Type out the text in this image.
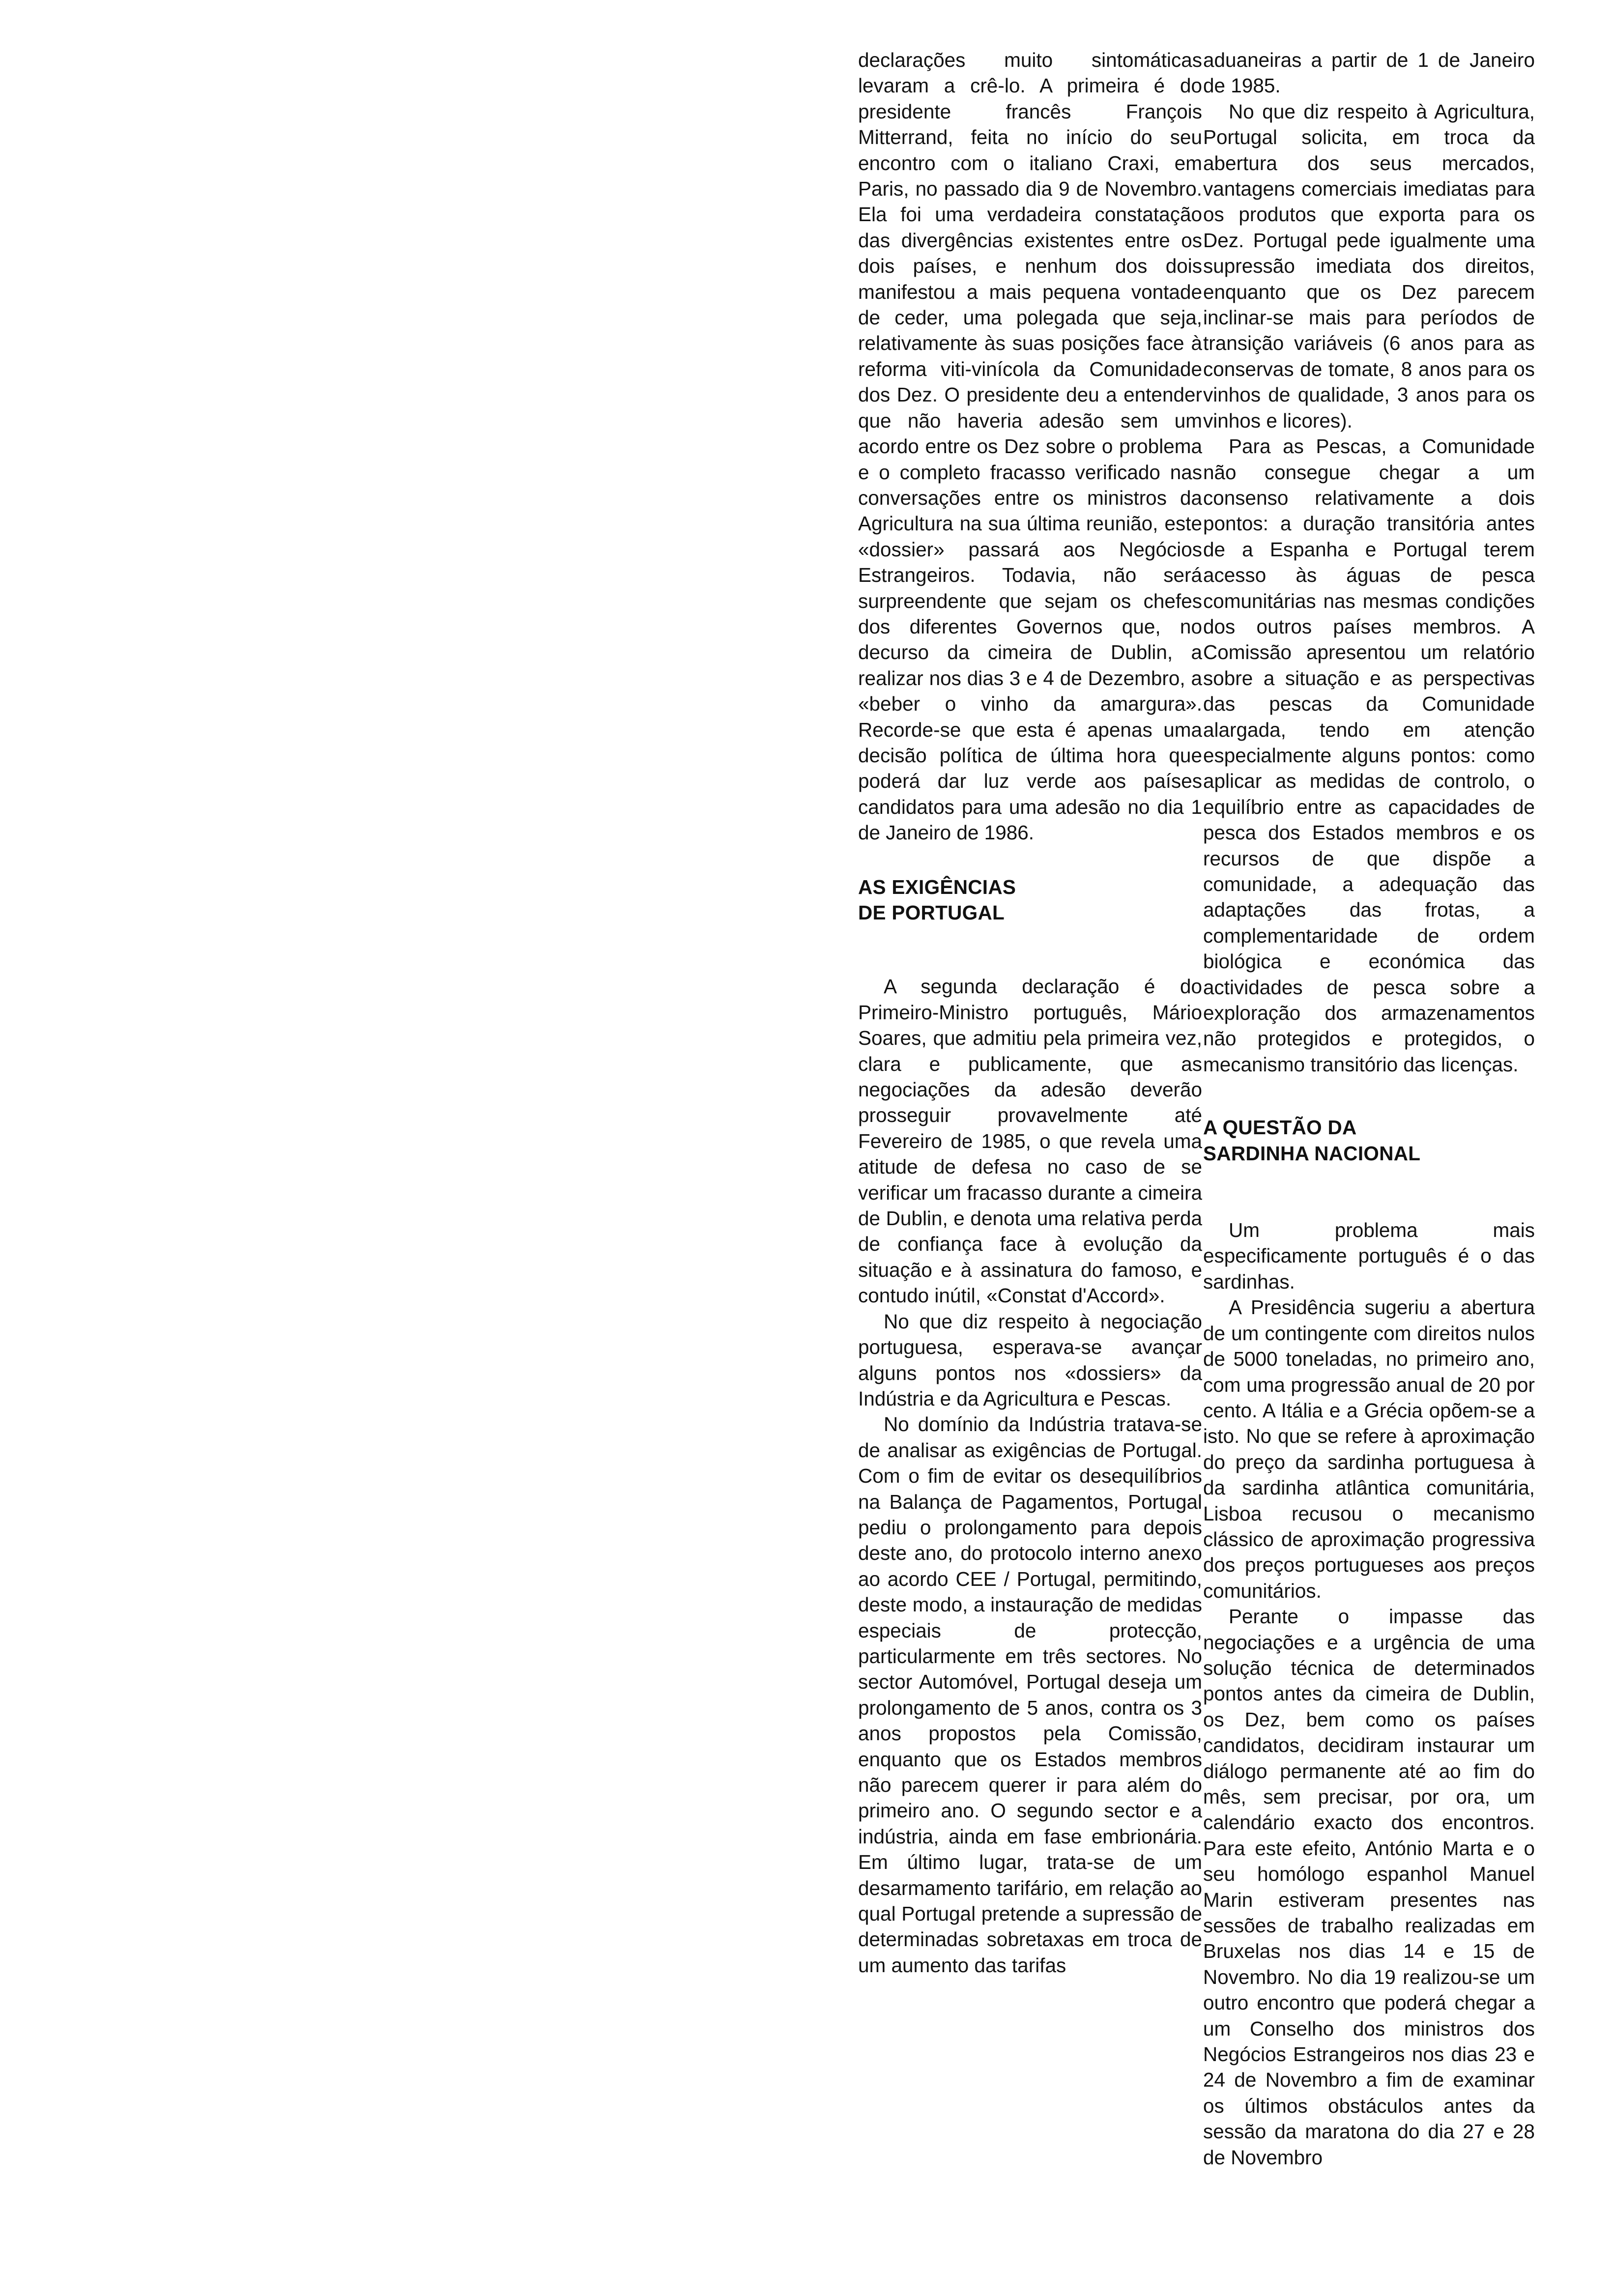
declarações muito sintomáticas levaram a crê-lo. A primeira é do presidente francês François Mitterrand, feita no início do seu encontro com o italiano Craxi, em Paris, no passado dia 9 de Novembro. Ela foi uma verdadeira constatação das divergências existentes entre os dois países, e nenhum dos dois manifestou a mais pequena vontade de ceder, uma polegada que seja, relativamente às suas posições face à reforma viti-vinícola da Comunidade dos Dez. O presidente deu a entender que não haveria adesão sem um acordo entre os Dez sobre o problema e o completo fracasso verificado nas conversações entre os ministros da Agricultura na sua última reunião, este «dossier» passará aos Negócios Estrangeiros. Todavia, não será surpreendente que sejam os chefes dos diferentes Governos que, no decurso da cimeira de Dublin, a realizar nos dias 3 e 4 de Dezembro, a «beber o vinho da amargura». Recorde-se que esta é apenas uma decisão política de última hora que poderá dar luz verde aos países candidatos para uma adesão no dia 1 de Janeiro de 1986.

AS EXIGÊNCIAS
DE PORTUGAL

A segunda declaração é do Primeiro-Ministro português, Mário Soares, que admitiu pela primeira vez, clara e publicamente, que as negociações da adesão deverão prosseguir provavelmente até Fevereiro de 1985, o que revela uma atitude de defesa no caso de se verificar um fracasso durante a cimeira de Dublin, e denota uma relativa perda de confiança face à evolução da situação e à assinatura do famoso, e contudo inútil, «Constat d'Accord».

No que diz respeito à negociação portuguesa, esperava-se avançar alguns pontos nos «dossiers» da Indústria e da Agricultura e Pescas.

No domínio da Indústria tratava-se de analisar as exigências de Portugal. Com o fim de evitar os desequilíbrios na Balança de Pagamentos, Portugal pediu o prolongamento para depois deste ano, do protocolo interno anexo ao acordo CEE / Portugal, permitindo, deste modo, a instauração de medidas especiais de protecção, particularmente em três sectores. No sector Automóvel, Portugal deseja um prolongamento de 5 anos, contra os 3 anos propostos pela Comissão, enquanto que os Estados membros não parecem querer ir para além do primeiro ano. O segundo sector e a indústria, ainda em fase embrionária. Em último lugar, trata-se de um desarmamento tarifário, em relação ao qual Portugal pretende a supressão de determinadas sobretaxas em troca de um aumento das tarifas

aduaneiras a partir de 1 de Janeiro de 1985.

No que diz respeito à Agricultura, Portugal solicita, em troca da abertura dos seus mercados, vantagens comerciais imediatas para os produtos que exporta para os Dez. Portugal pede igualmente uma supressão imediata dos direitos, enquanto que os Dez parecem inclinar-se mais para períodos de transição variáveis (6 anos para as conservas de tomate, 8 anos para os vinhos de qualidade, 3 anos para os vinhos e licores).

Para as Pescas, a Comunidade não consegue chegar a um consenso relativamente a dois pontos: a duração transitória antes de a Espanha e Portugal terem acesso às águas de pesca comunitárias nas mesmas condições dos outros países membros. A Comissão apresentou um relatório sobre a situação e as perspectivas das pescas da Comunidade alargada, tendo em atenção especialmente alguns pontos: como aplicar as medidas de controlo, o equilíbrio entre as capacidades de pesca dos Estados membros e os recursos de que dispõe a comunidade, a adequação das adaptações das frotas, a complementaridade de ordem biológica e económica das actividades de pesca sobre a exploração dos armazenamentos não protegidos e protegidos, o mecanismo transitório das licenças.

A QUESTÃO DA
SARDINHA NACIONAL

Um problema mais especificamente português é o das sardinhas.

A Presidência sugeriu a abertura de um contingente com direitos nulos de 5000 toneladas, no primeiro ano, com uma progressão anual de 20 por cento. A Itália e a Grécia opõem-se a isto. No que se refere à aproximação do preço da sardinha portuguesa à da sardinha atlântica comunitária, Lisboa recusou o mecanismo clássico de aproximação progressiva dos preços portugueses aos preços comunitários.

Perante o impasse das negociações e a urgência de uma solução técnica de determinados pontos antes da cimeira de Dublin, os Dez, bem como os países candidatos, decidiram instaurar um diálogo permanente até ao fim do mês, sem precisar, por ora, um calendário exacto dos encontros. Para este efeito, António Marta e o seu homólogo espanhol Manuel Marin estiveram presentes nas sessões de trabalho realizadas em Bruxelas nos dias 14 e 15 de Novembro. No dia 19 realizou-se um outro encontro que poderá chegar a um Conselho dos ministros dos Negócios Estrangeiros nos dias 23 e 24 de Novembro a fim de examinar os últimos obstáculos antes da sessão da maratona do dia 27 e 28 de Novembro
